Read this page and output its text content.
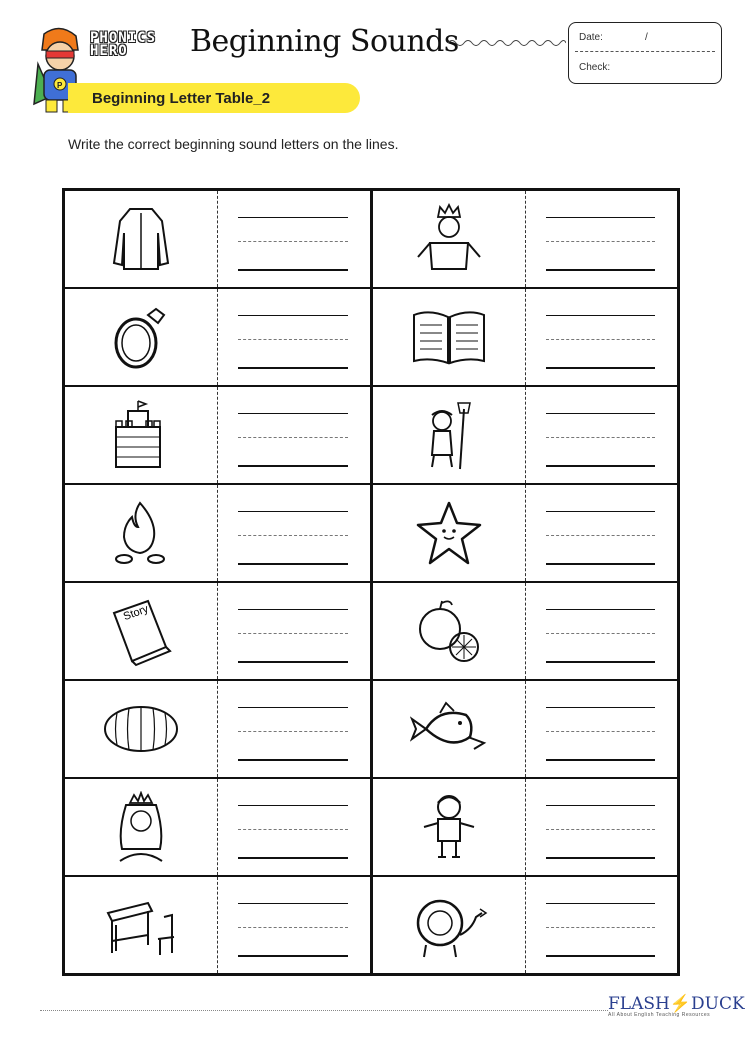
P
PHONICS
HERO	Beginning Sounds	Date:	/
Check:
Beginning Letter Table_2
Write the correct beginning sound letters on the lines.
Story
FLASH⚡DUCK
All About English Teaching Resources
